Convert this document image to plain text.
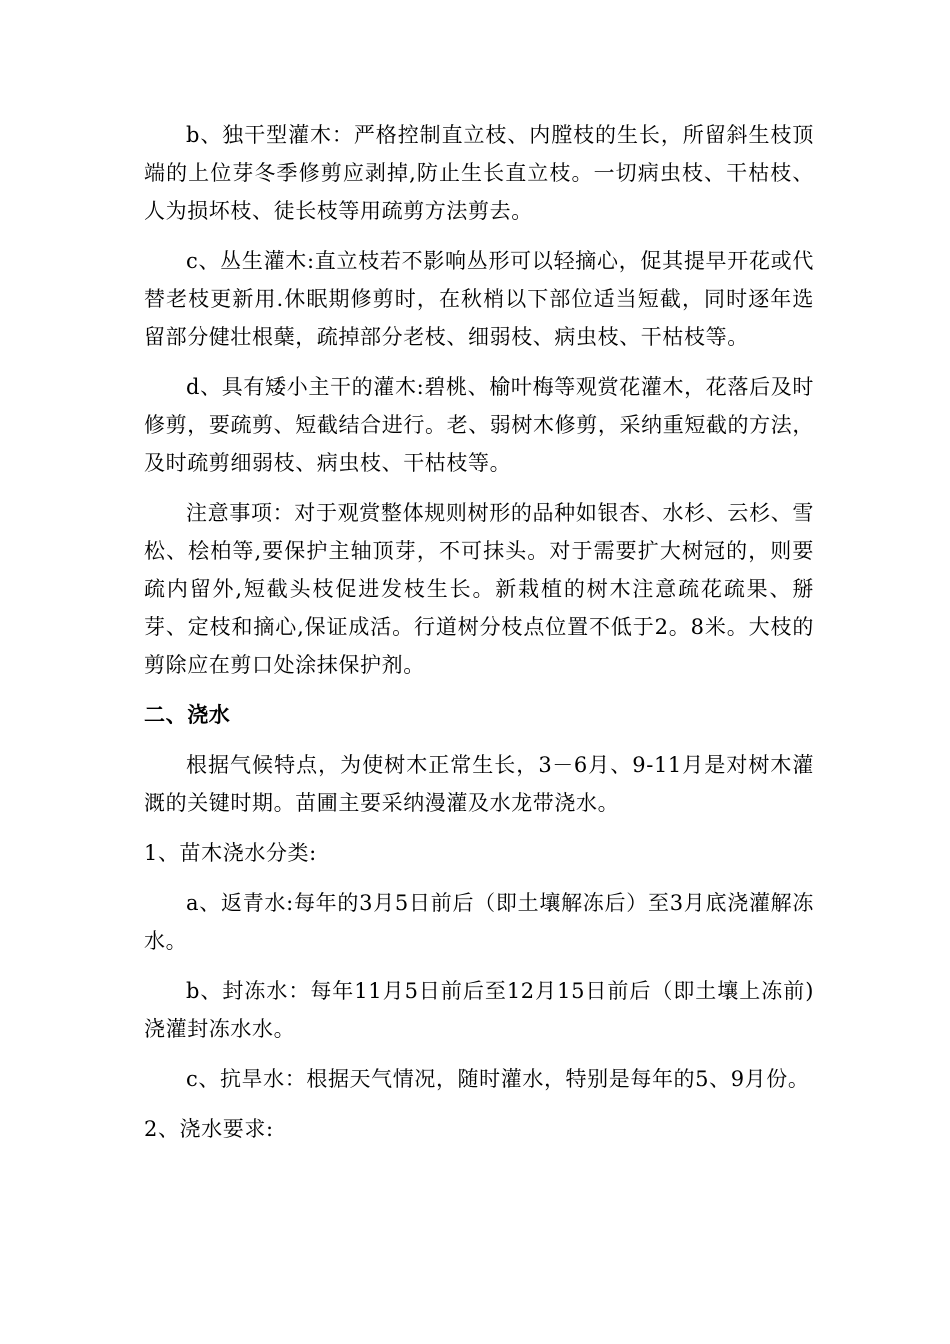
b、独干型灌木：严格控制直立枝、内膛枝的生长，所留斜生枝顶端的上位芽冬季修剪应剥掉,防止生长直立枝。一切病虫枝、干枯枝、人为损坏枝、徒长枝等用疏剪方法剪去。

c、丛生灌木:直立枝若不影响丛形可以轻摘心，促其提早开花或代替老枝更新用.休眠期修剪时，在秋梢以下部位适当短截，同时逐年选留部分健壮根蘖，疏掉部分老枝、细弱枝、病虫枝、干枯枝等。

d、具有矮小主干的灌木:碧桃、榆叶梅等观赏花灌木，花落后及时修剪，要疏剪、短截结合进行。老、弱树木修剪，采纳重短截的方法，及时疏剪细弱枝、病虫枝、干枯枝等。

注意事项：对于观赏整体规则树形的品种如银杏、水杉、云杉、雪松、桧柏等,要保护主轴顶芽，不可抹头。对于需要扩大树冠的，则要疏内留外,短截头枝促进发枝生长。新栽植的树木注意疏花疏果、掰芽、定枝和摘心,保证成活。行道树分枝点位置不低于2。8米。大枝的剪除应在剪口处涂抹保护剂。

二、浇水

根据气候特点，为使树木正常生长，3－6月、9-11月是对树木灌溉的关键时期。苗圃主要采纳漫灌及水龙带浇水。

1、苗木浇水分类:

a、返青水:每年的3月5日前后（即土壤解冻后）至3月底浇灌解冻水。

b、封冻水：每年11月5日前后至12月15日前后（即土壤上冻前)浇灌封冻水水。

c、抗旱水：根据天气情况，随时灌水，特别是每年的5、9月份。

2、浇水要求:
